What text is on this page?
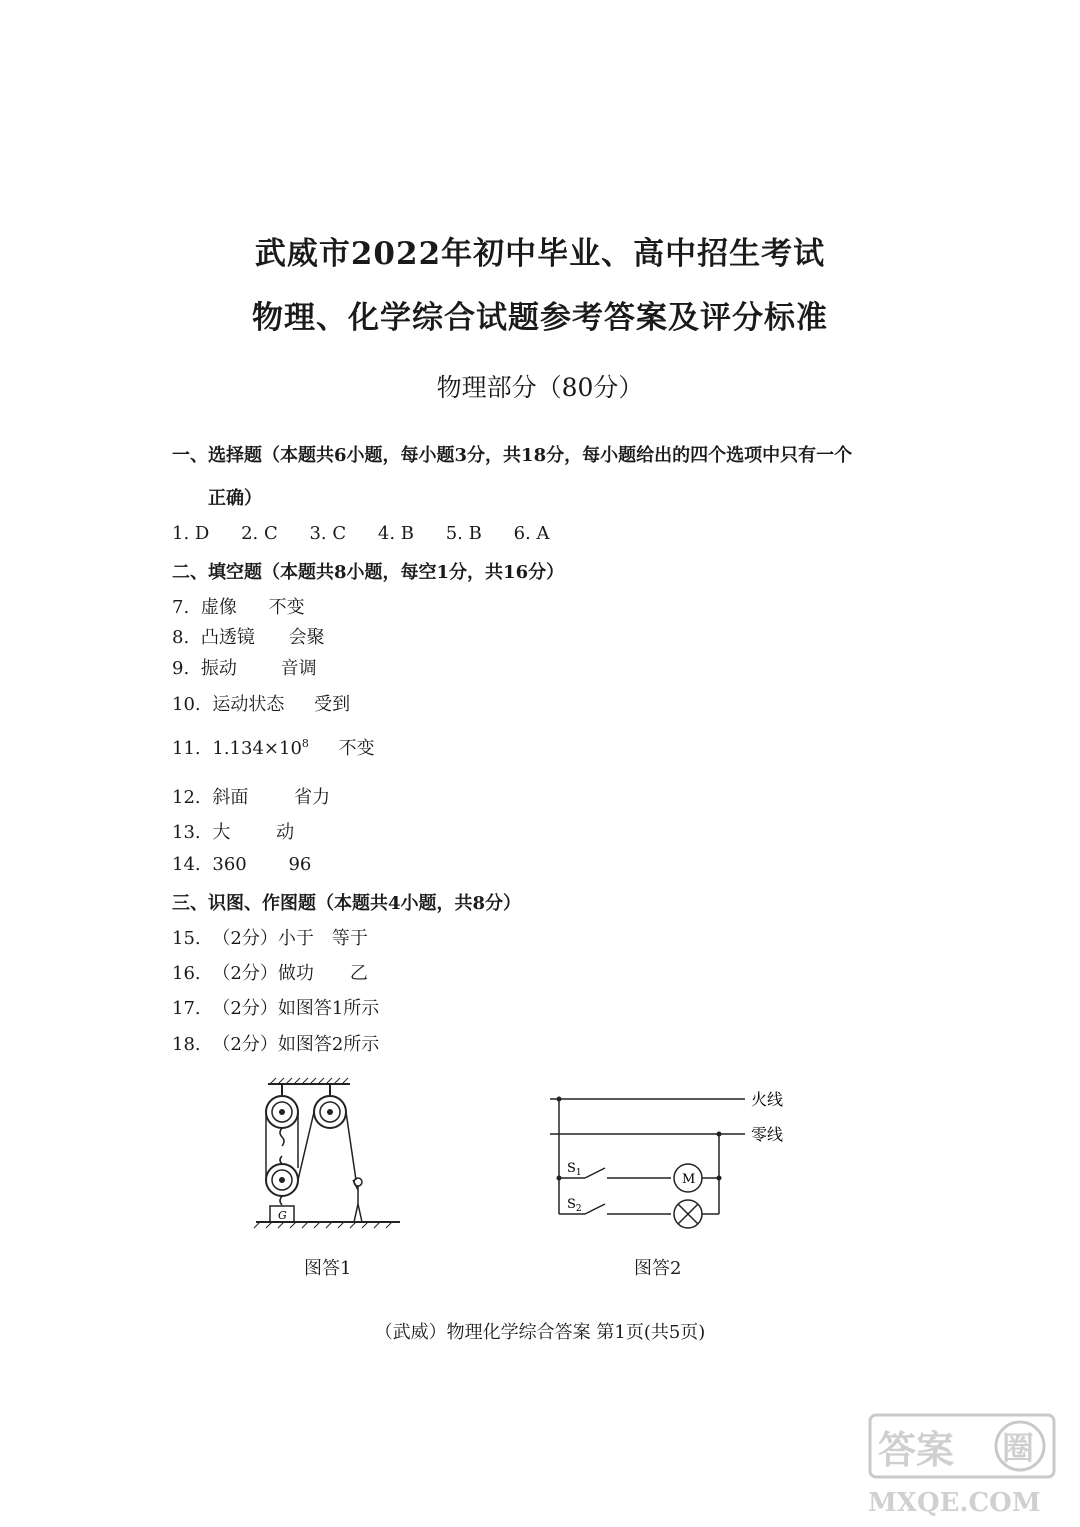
武威市2022年初中毕业、高中招生考试
物理、化学综合试题参考答案及评分标准
物理部分（80分）
一、选择题（本题共6小题，每小题3分，共18分，每小题给出的四个选项中只有一个
正确）
1. D 2. C 3. C 4. B 5. B 6. A
二、填空题（本题共8小题，每空1分，共16分）
7. 虚像 不变
8. 凸透镜 会聚
9. 振动 音调
10. 运动状态 受到
11. $1.134\times 10^8$ 不变
12. 斜面	省力
13. 大	动
14. 360 96
三、识图、作图题（本题共4小题，共8分）
15. （2分）小于　等于
16. （2分）做功　　乙
17. （2分）如图答1所示
18. （2分）如图答2所示
G
图答1
火线
零线
$S_1$	M
$S_2$
图答2
（武威）物理化学综合答案 第1页(共5页)
答案 圈
MXQE.COM
